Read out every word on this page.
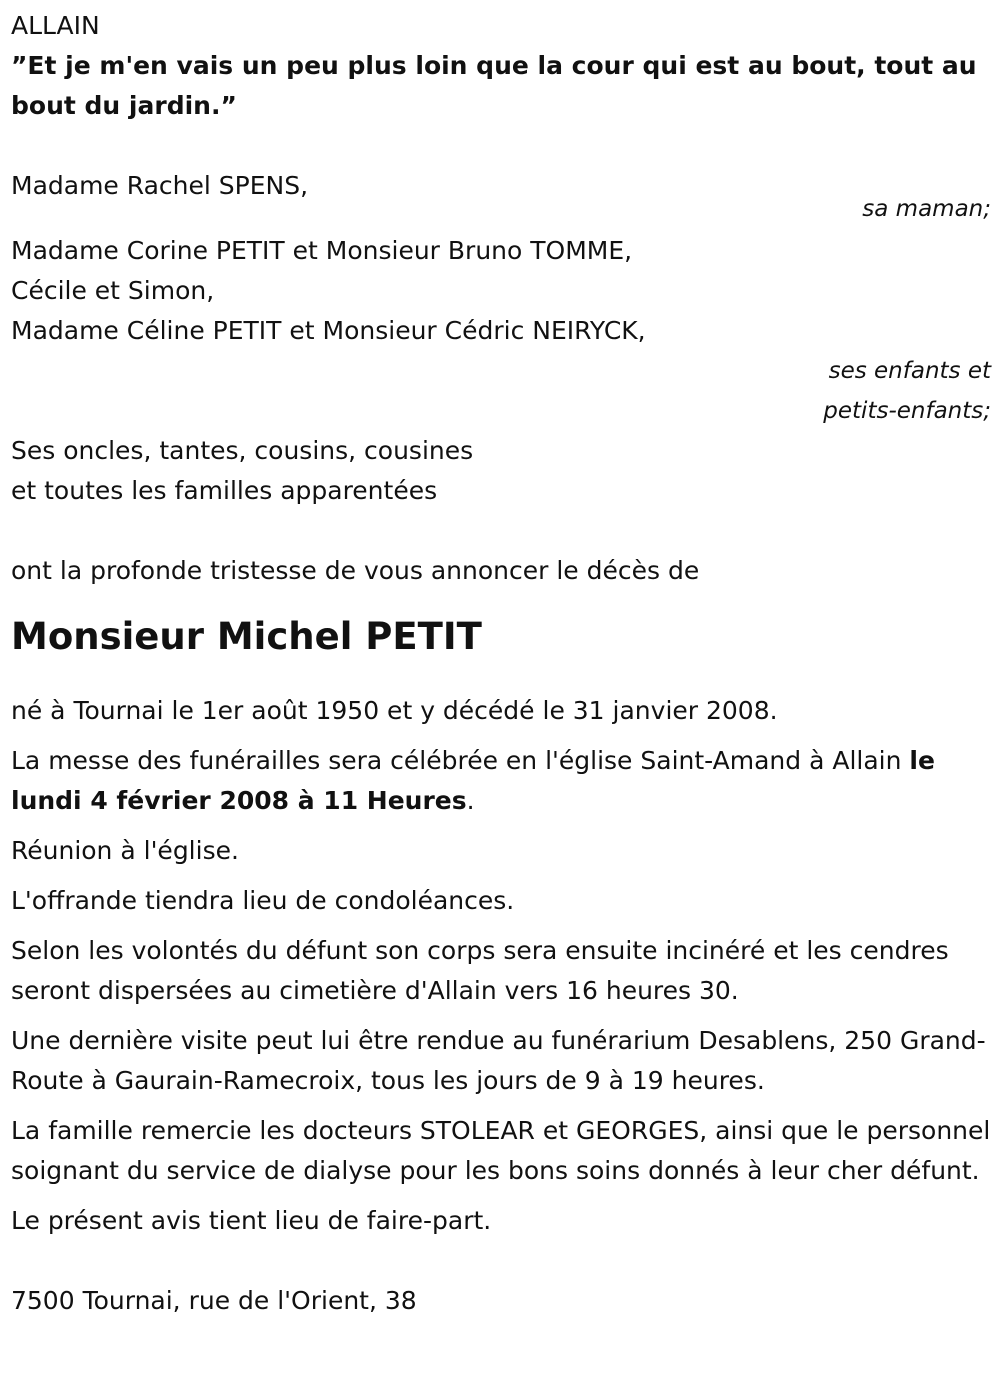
ALLAIN

”Et je m'en vais un peu plus loin que la cour qui est au bout, tout au

bout du jardin.”

Madame Rachel SPENS,

sa maman;

Madame Corine PETIT et Monsieur Bruno TOMME,

Cécile et Simon,

Madame Céline PETIT et Monsieur Cédric NEIRYCK,

ses enfants et

petits-enfants;

Ses oncles, tantes, cousins, cousines

et toutes les familles apparentées

ont la profonde tristesse de vous annoncer le décès de

Monsieur Michel PETIT

né à Tournai le 1er août 1950 et y décédé le 31 janvier 2008.

La messe des funérailles sera célébrée en l'église Saint-Amand à Allain le lundi 4 février 2008 à 11 Heures.

Réunion à l'église.

L'offrande tiendra lieu de condoléances.

Selon les volontés du défunt son corps sera ensuite incinéré et les cendres seront dispersées au cimetière d'Allain vers 16 heures 30.

Une dernière visite peut lui être rendue au funérarium Desablens, 250 Grand-Route à Gaurain-Ramecroix, tous les jours de 9 à 19 heures.

La famille remercie les docteurs STOLEAR et GEORGES, ainsi que le personnel soignant du service de dialyse pour les bons soins donnés à leur cher défunt.

Le présent avis tient lieu de faire-part.

7500 Tournai, rue de l'Orient, 38
